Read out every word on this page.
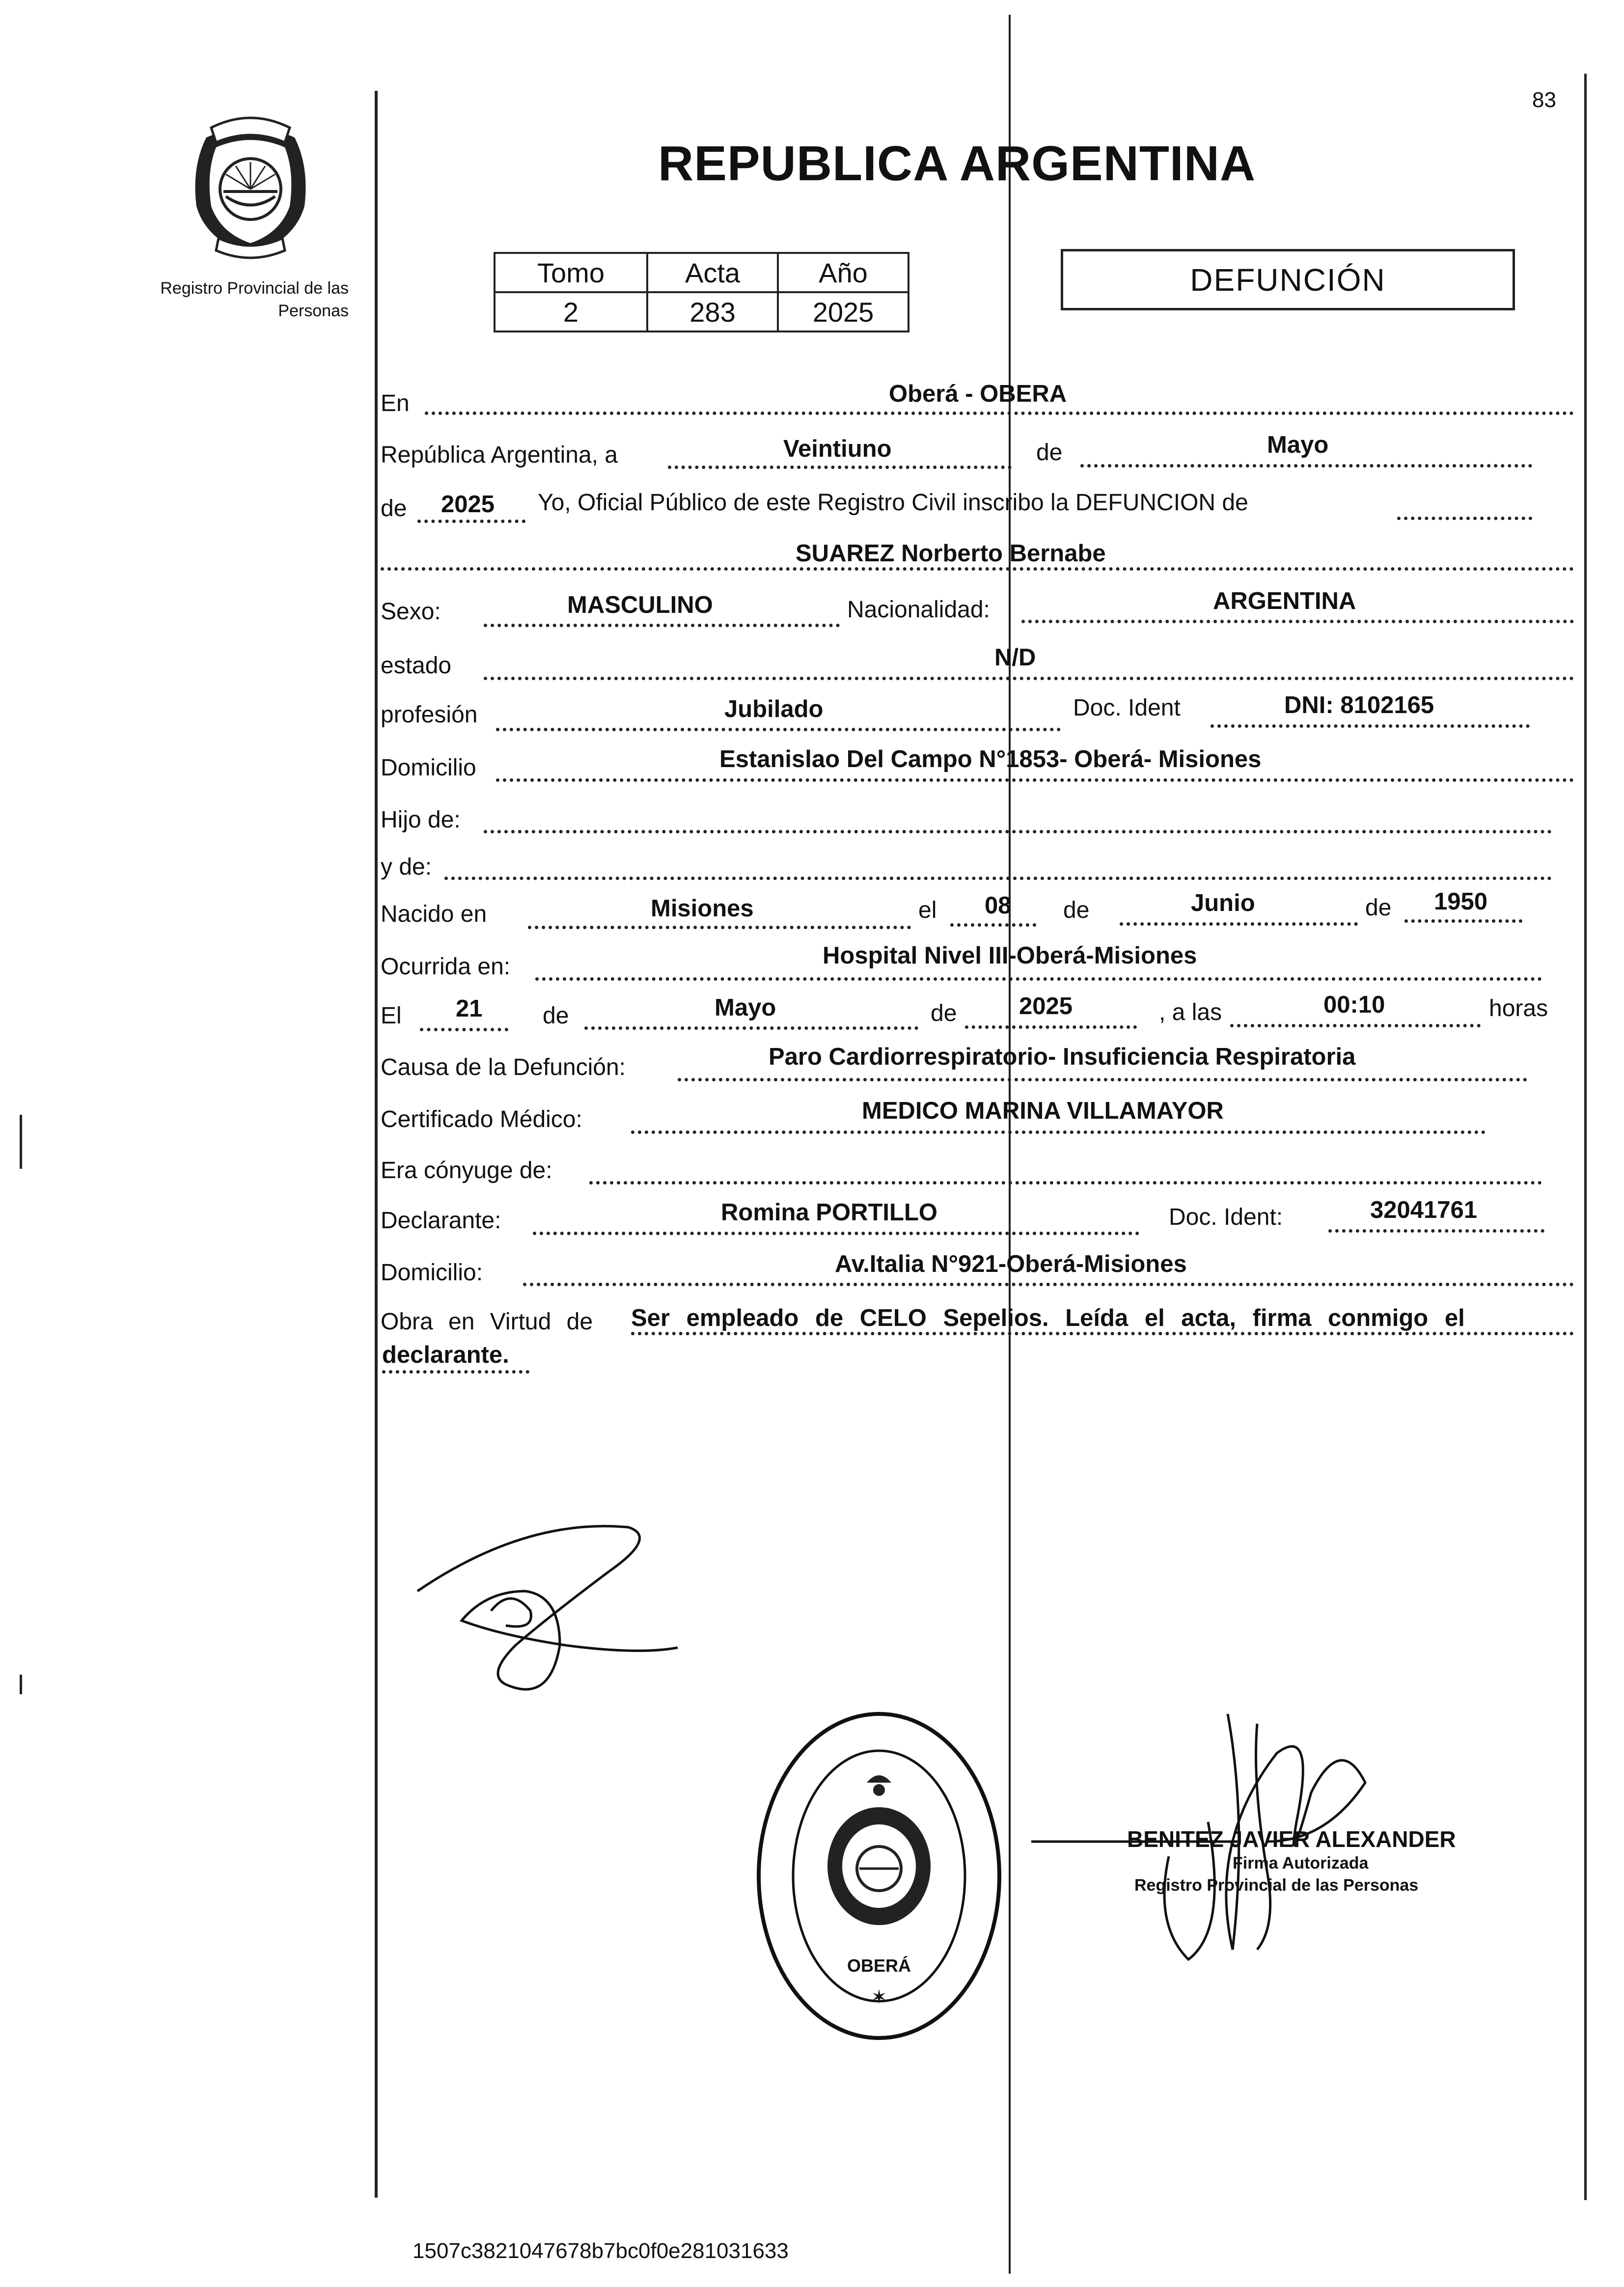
83
Registro Provincial de las Personas
REPUBLICA ARGENTINA
Tomo	Acta	Año
2	283	2025
DEFUNCIÓN
En	Oberá - OBERA
República Argentina, a	Veintiuno	de	Mayo
de 2025 Yo, Oficial Público de este Registro Civil inscribo la DEFUNCION de
SUAREZ Norberto Bernabe
Sexo:	MASCULINO	Nacionalidad:	ARGENTINA
estado	N/D
profesión	Jubilado	Doc. Ident	DNI: 8102165
Domicilio	Estanislao Del Campo N°1853- Oberá- Misiones
Hijo de:
y de:
Nacido en	Misiones	el 08 de	Junio	de 1950
Ocurrida en:	Hospital Nivel III-Oberá-Misiones
El 21	de	Mayo	de	2025	, a las	00:10	horas
Causa de la Defunción:	Paro Cardiorrespiratorio- Insuficiencia Respiratoria
Certificado Médico:	MEDICO MARINA VILLAMAYOR
Era cónyuge de:
Declarante:	Romina PORTILLO	Doc. Ident:	32041761
Domicilio:	Av.Italia N°921-Oberá-Misiones
Obra en Virtud de Ser empleado de CELO Sepelios. Leída el acta, firma conmigo el
declarante.
OBERÁ
✶
BENITEZ JAVIER ALEXANDER
Firma Autorizada
Registro Provincial de las Personas
1507c3821047678b7bc0f0e281031633
